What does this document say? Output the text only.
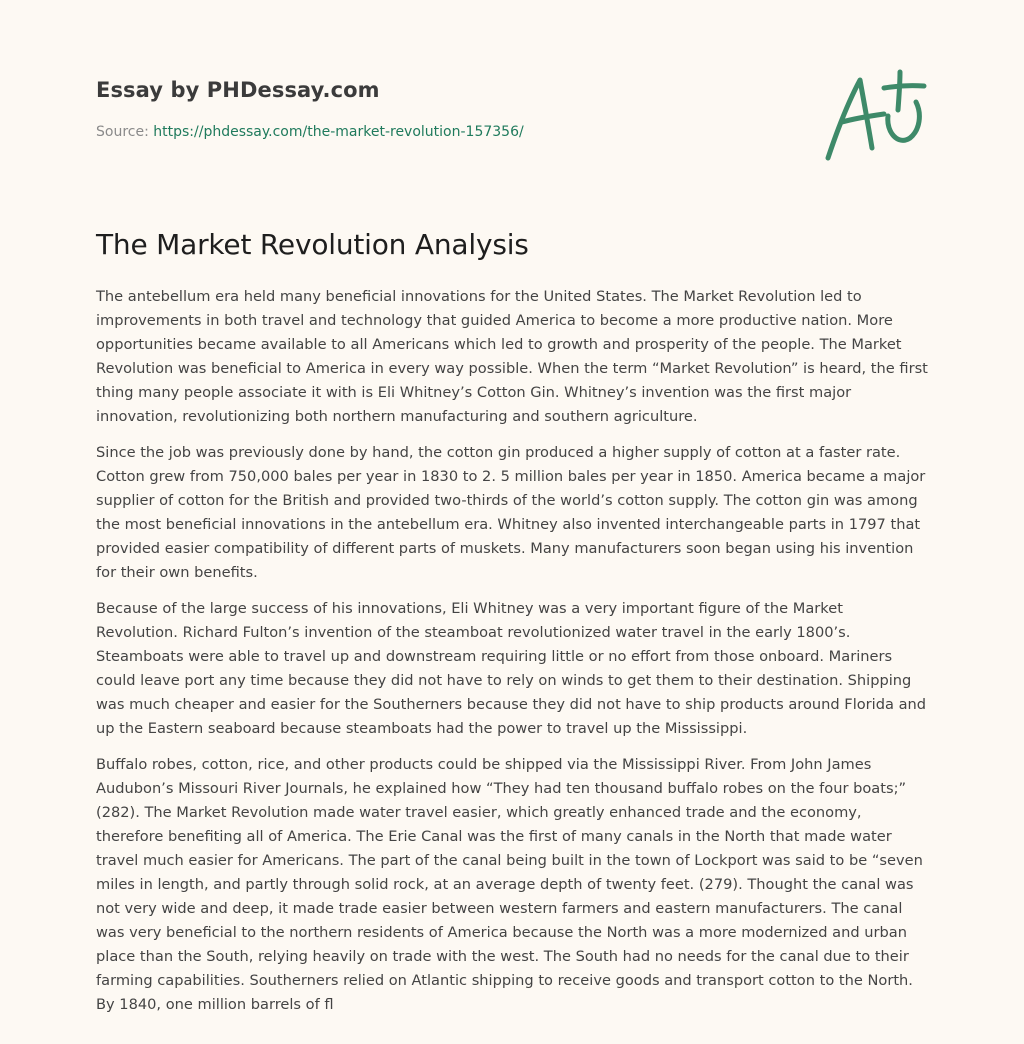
Essay by PHDessay.com
Source: https://phdessay.com/the-market-revolution-157356/
The Market Revolution Analysis

The antebellum era held many beneficial innovations for the United States. The Market Revolution led to improvements in both travel and technology that guided America to become a more productive nation. More opportunities became available to all Americans which led to growth and prosperity of the people. The Market Revolution was beneficial to America in every way possible. When the term “Market Revolution” is heard, the first thing many people associate it with is Eli Whitney’s Cotton Gin. Whitney’s invention was the first major innovation, revolutionizing both northern manufacturing and southern agriculture.

Since the job was previously done by hand, the cotton gin produced a higher supply of cotton at a faster rate. Cotton grew from 750,000 bales per year in 1830 to 2. 5 million bales per year in 1850. America became a major supplier of cotton for the British and provided two-thirds of the world’s cotton supply. The cotton gin was among the most beneficial innovations in the antebellum era. Whitney also invented interchangeable parts in 1797 that provided easier compatibility of different parts of muskets. Many manufacturers soon began using his invention for their own benefits.

Because of the large success of his innovations, Eli Whitney was a very important figure of the Market Revolution. Richard Fulton’s invention of the steamboat revolutionized water travel in the early 1800’s. Steamboats were able to travel up and downstream requiring little or no effort from those onboard. Mariners could leave port any time because they did not have to rely on winds to get them to their destination. Shipping was much cheaper and easier for the Southerners because they did not have to ship products around Florida and up the Eastern seaboard because steamboats had the power to travel up the Mississippi.

Buffalo robes, cotton, rice, and other products could be shipped via the Mississippi River. From John James Audubon’s Missouri River Journals, he explained how “They had ten thousand buffalo robes on the four boats;” (282). The Market Revolution made water travel easier, which greatly enhanced trade and the economy, therefore benefiting all of America. The Erie Canal was the first of many canals in the North that made water travel much easier for Americans. The part of the canal being built in the town of Lockport was said to be “seven miles in length, and partly through solid rock, at an average depth of twenty feet. (279). Thought the canal was not very wide and deep, it made trade easier between western farmers and eastern manufacturers. The canal was very beneficial to the northern residents of America because the North was a more modernized and urban place than the South, relying heavily on trade with the west. The South had no needs for the canal due to their farming capabilities. Southerners relied on Atlantic shipping to receive goods and transport cotton to the North. By 1840, one million barrels of fl
